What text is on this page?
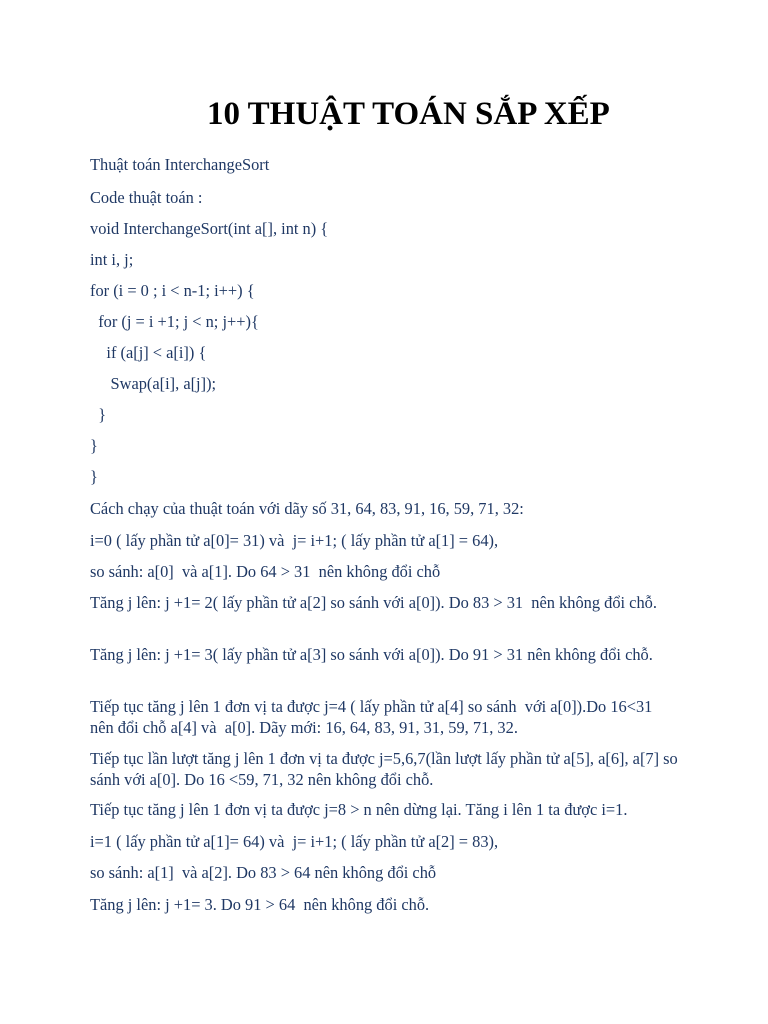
10 THUẬT TOÁN SẮP XẾP

Thuật toán InterchangeSort

Code thuật toán :

void InterchangeSort(int a[], int n) {

int i, j;

for (i = 0 ; i < n-1; i++) {

for (j = i +1; j < n; j++){

if (a[j] < a[i]) {

Swap(a[i], a[j]);

}

}

}

Cách chạy của thuật toán với dãy số 31, 64, 83, 91, 16, 59, 71, 32:

i=0 ( lấy phần tử a[0]= 31) và  j= i+1; ( lấy phần tử a[1] = 64),

so sánh: a[0]  và a[1]. Do 64 > 31  nên không đổi chỗ

Tăng j lên: j +1= 2( lấy phần tử a[2] so sánh với a[0]). Do 83 > 31  nên không đổi chỗ.

Tăng j lên: j +1= 3( lấy phần tử a[3] so sánh với a[0]). Do 91 > 31 nên không đổi chỗ.

Tiếp tục tăng j lên 1 đơn vị ta được j=4 ( lấy phần tử a[4] so sánh  với a[0]).Do 16<31 nên đổi chỗ a[4] và  a[0]. Dãy mới: 16, 64, 83, 91, 31, 59, 71, 32.

Tiếp tục lần lượt tăng j lên 1 đơn vị ta được j=5,6,7(lần lượt lấy phần tử a[5], a[6], a[7] so sánh với a[0]. Do 16 <59, 71, 32 nên không đổi chỗ.

Tiếp tục tăng j lên 1 đơn vị ta được j=8 > n nên dừng lại. Tăng i lên 1 ta được i=1.

i=1 ( lấy phần tử a[1]= 64) và  j= i+1; ( lấy phần tử a[2] = 83),

so sánh: a[1]  và a[2]. Do 83 > 64 nên không đổi chỗ

Tăng j lên: j +1= 3. Do 91 > 64  nên không đổi chỗ.
